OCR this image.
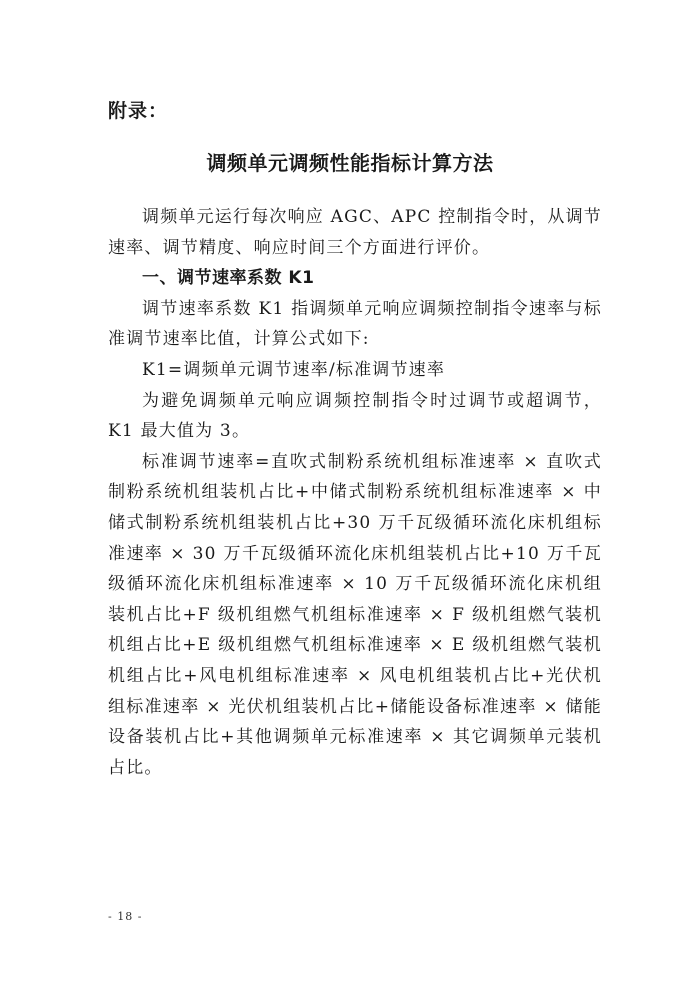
附录：
调频单元调频性能指标计算方法

调频单元运行每次响应 AGC、APC 控制指令时，从调节速率、调节精度、响应时间三个方面进行评价。

一、调节速率系数 K1

调节速率系数 K1 指调频单元响应调频控制指令速率与标准调节速率比值，计算公式如下:

K1=调频单元调节速率/标准调节速率

为避免调频单元响应调频控制指令时过调节或超调节，K1 最大值为 3。

标准调节速率=直吹式制粉系统机组标准速率 × 直吹式制粉系统机组装机占比+中储式制粉系统机组标准速率 × 中储式制粉系统机组装机占比+30 万千瓦级循环流化床机组标准速率 × 30 万千瓦级循环流化床机组装机占比+10 万千瓦级循环流化床机组标准速率 × 10 万千瓦级循环流化床机组装机占比+F 级机组燃气机组标准速率 × F 级机组燃气装机机组占比+E 级机组燃气机组标准速率 × E 级机组燃气装机机组占比+风电机组标准速率 × 风电机组装机占比+光伏机组标准速率 × 光伏机组装机占比+储能设备标准速率 × 储能设备装机占比+其他调频单元标准速率 × 其它调频单元装机占比。

- 18 -
